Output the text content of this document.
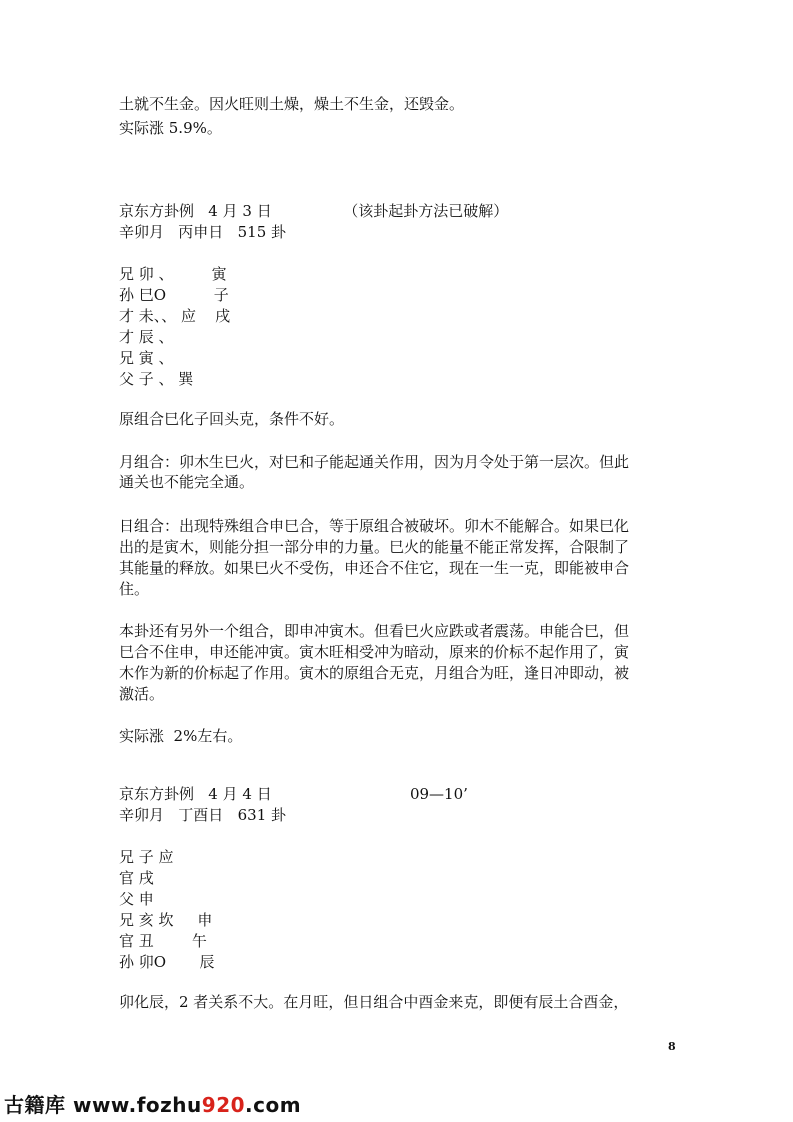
土就不生金。因火旺则土燥，燥土不生金，还毁金。

实际涨 5.9%。

京东方卦例   4 月 3 日               （该卦起卦方法已破解）

辛卯月   丙申日   515 卦

兄 卯 、        寅

孙 巳O          子

才 未、、 应    戌

才 辰 、

兄 寅 、

父 子 、 巽

原组合巳化子回头克，条件不好。

月组合：卯木生巳火，对巳和子能起通关作用，因为月令处于第一层次。但此

通关也不能完全通。

日组合：出现特殊组合申巳合，等于原组合被破坏。卯木不能解合。如果巳化

出的是寅木，则能分担一部分申的力量。巳火的能量不能正常发挥，合限制了

其能量的释放。如果巳火不受伤，申还合不住它，现在一生一克，即能被申合

住。

本卦还有另外一个组合，即申冲寅木。但看巳火应跌或者震荡。申能合巳，但

巳合不住申，申还能冲寅。寅木旺相受冲为暗动，原来的价标不起作用了，寅

木作为新的价标起了作用。寅木的原组合无克，月组合为旺，逢日冲即动，被

激活。

实际涨  2%左右。

京东方卦例   4 月 4 日                             09—10’

辛卯月   丁酉日   631 卦

兄 子 应

官 戌

父 申

兄 亥 坎     申

官 丑        午

孙 卯O       辰

卯化辰，2 者关系不大。在月旺，但日组合中酉金来克，即便有辰土合酉金，

8
古籍库 www.fozhu920.com
